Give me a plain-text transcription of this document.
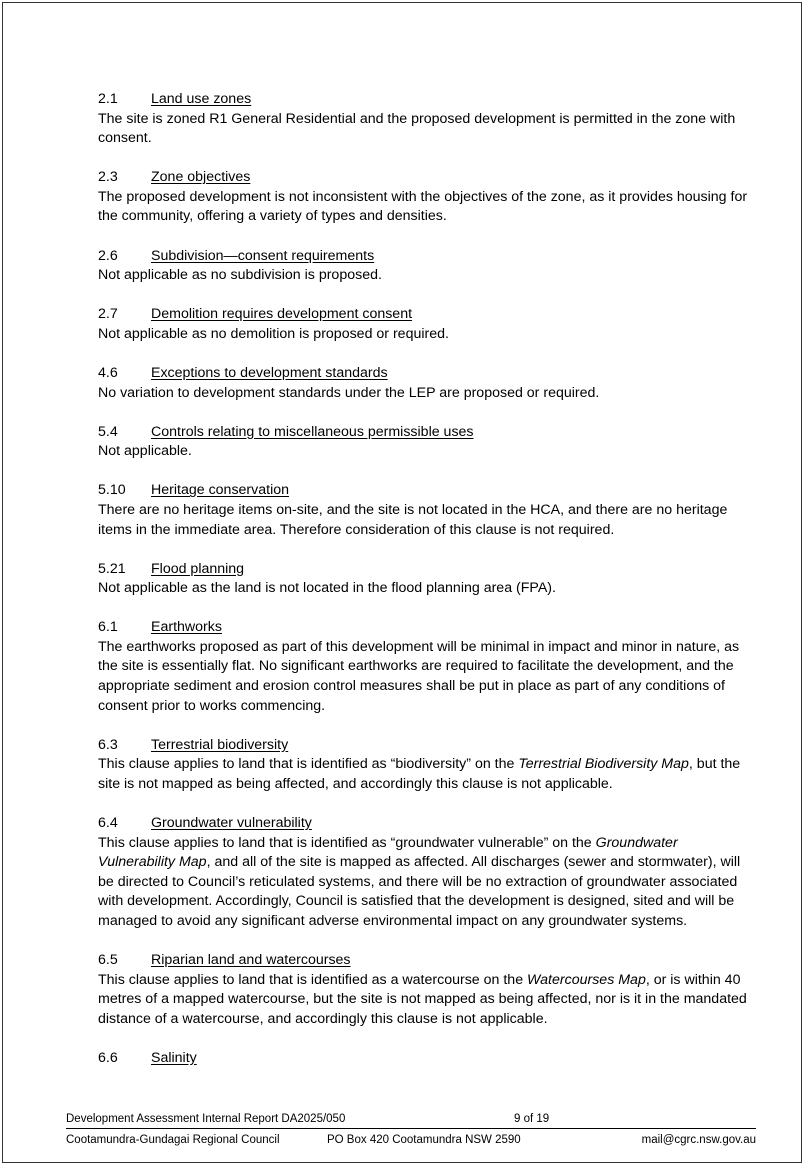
2.1	Land use zones

The site is zoned R1 General Residential and the proposed development is permitted in the zone with consent.

2.3	Zone objectives

The proposed development is not inconsistent with the objectives of the zone, as it provides housing for the community, offering a variety of types and densities.

2.6	Subdivision—consent requirements

Not applicable as no subdivision is proposed.

2.7	Demolition requires development consent

Not applicable as no demolition is proposed or required.

4.6	Exceptions to development standards

No variation to development standards under the LEP are proposed or required.

5.4	Controls relating to miscellaneous permissible uses

Not applicable.

5.10	Heritage conservation

There are no heritage items on-site, and the site is not located in the HCA, and there are no heritage items in the immediate area. Therefore consideration of this clause is not required.

5.21	Flood planning

Not applicable as the land is not located in the flood planning area (FPA).

6.1	Earthworks

The earthworks proposed as part of this development will be minimal in impact and minor in nature, as the site is essentially flat. No significant earthworks are required to facilitate the development, and the appropriate sediment and erosion control measures shall be put in place as part of any conditions of consent prior to works commencing.

6.3	Terrestrial biodiversity

This clause applies to land that is identified as “biodiversity” on the Terrestrial Biodiversity Map, but the site is not mapped as being affected, and accordingly this clause is not applicable.

6.4	Groundwater vulnerability

This clause applies to land that is identified as “groundwater vulnerable” on the Groundwater Vulnerability Map, and all of the site is mapped as affected. All discharges (sewer and stormwater), will be directed to Council’s reticulated systems, and there will be no extraction of groundwater associated with development. Accordingly, Council is satisfied that the development is designed, sited and will be managed to avoid any significant adverse environmental impact on any groundwater systems.

6.5	Riparian land and watercourses

This clause applies to land that is identified as a watercourse on the Watercourses Map, or is within 40 metres of a mapped watercourse, but the site is not mapped as being affected, nor is it in the mandated distance of a watercourse, and accordingly this clause is not applicable.

6.6	Salinity
Development Assessment Internal Report DA2025/050	9 of 19
Cootamundra-Gundagai Regional Council	PO Box 420 Cootamundra NSW 2590	mail@cgrc.nsw.gov.au
